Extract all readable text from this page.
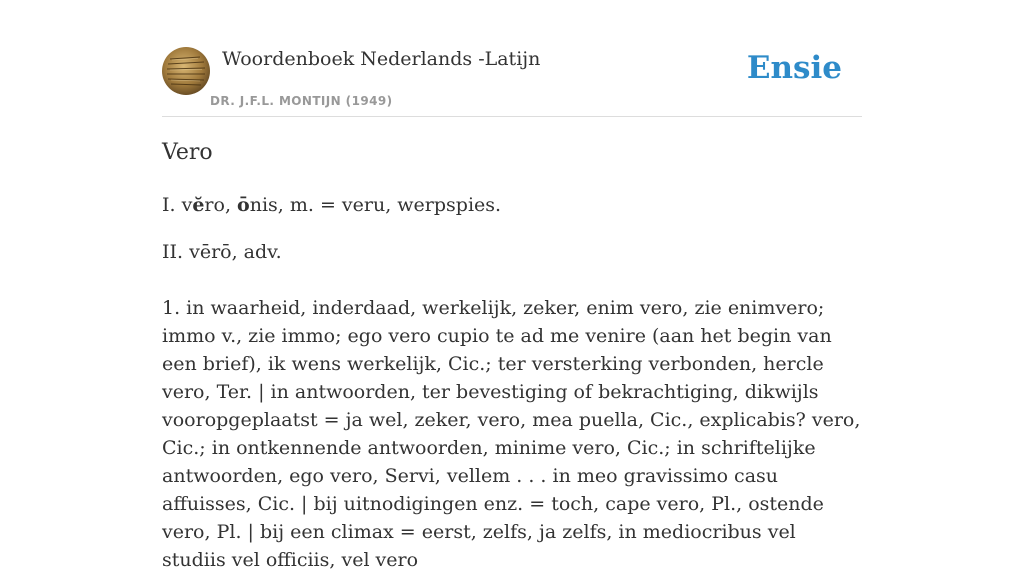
Woordenboek Nederlands -Latijn
DR. J.F.L. MONTIJN (1949)
Ensie
Vero

I. vĕro, ōnis, m. = veru, werpspies.

II. vērō, adv.

1. in waarheid, inderdaad, werkelijk, zeker, enim vero, zie enimvero; immo v., zie immo; ego vero cupio te ad me venire (aan het begin van een brief), ik wens werkelijk, Cic.; ter versterking verbonden, hercle vero, Ter. | in antwoorden, ter bevestiging of bekrachtiging, dikwijls vooropgeplaatst = ja wel, zeker, vero, mea puella, Cic., explicabis? vero, Cic.; in ontkennende antwoorden, minime vero, Cic.; in schriftelijke antwoorden, ego vero, Servi, vellem . . . in meo gravissimo casu affuisses, Cic. | bij uitnodigingen enz. = toch, cape vero, Pl., ostende vero, Pl. | bij een climax = eerst, zelfs, ja zelfs, in mediocribus vel studiis vel officiis, vel vero
